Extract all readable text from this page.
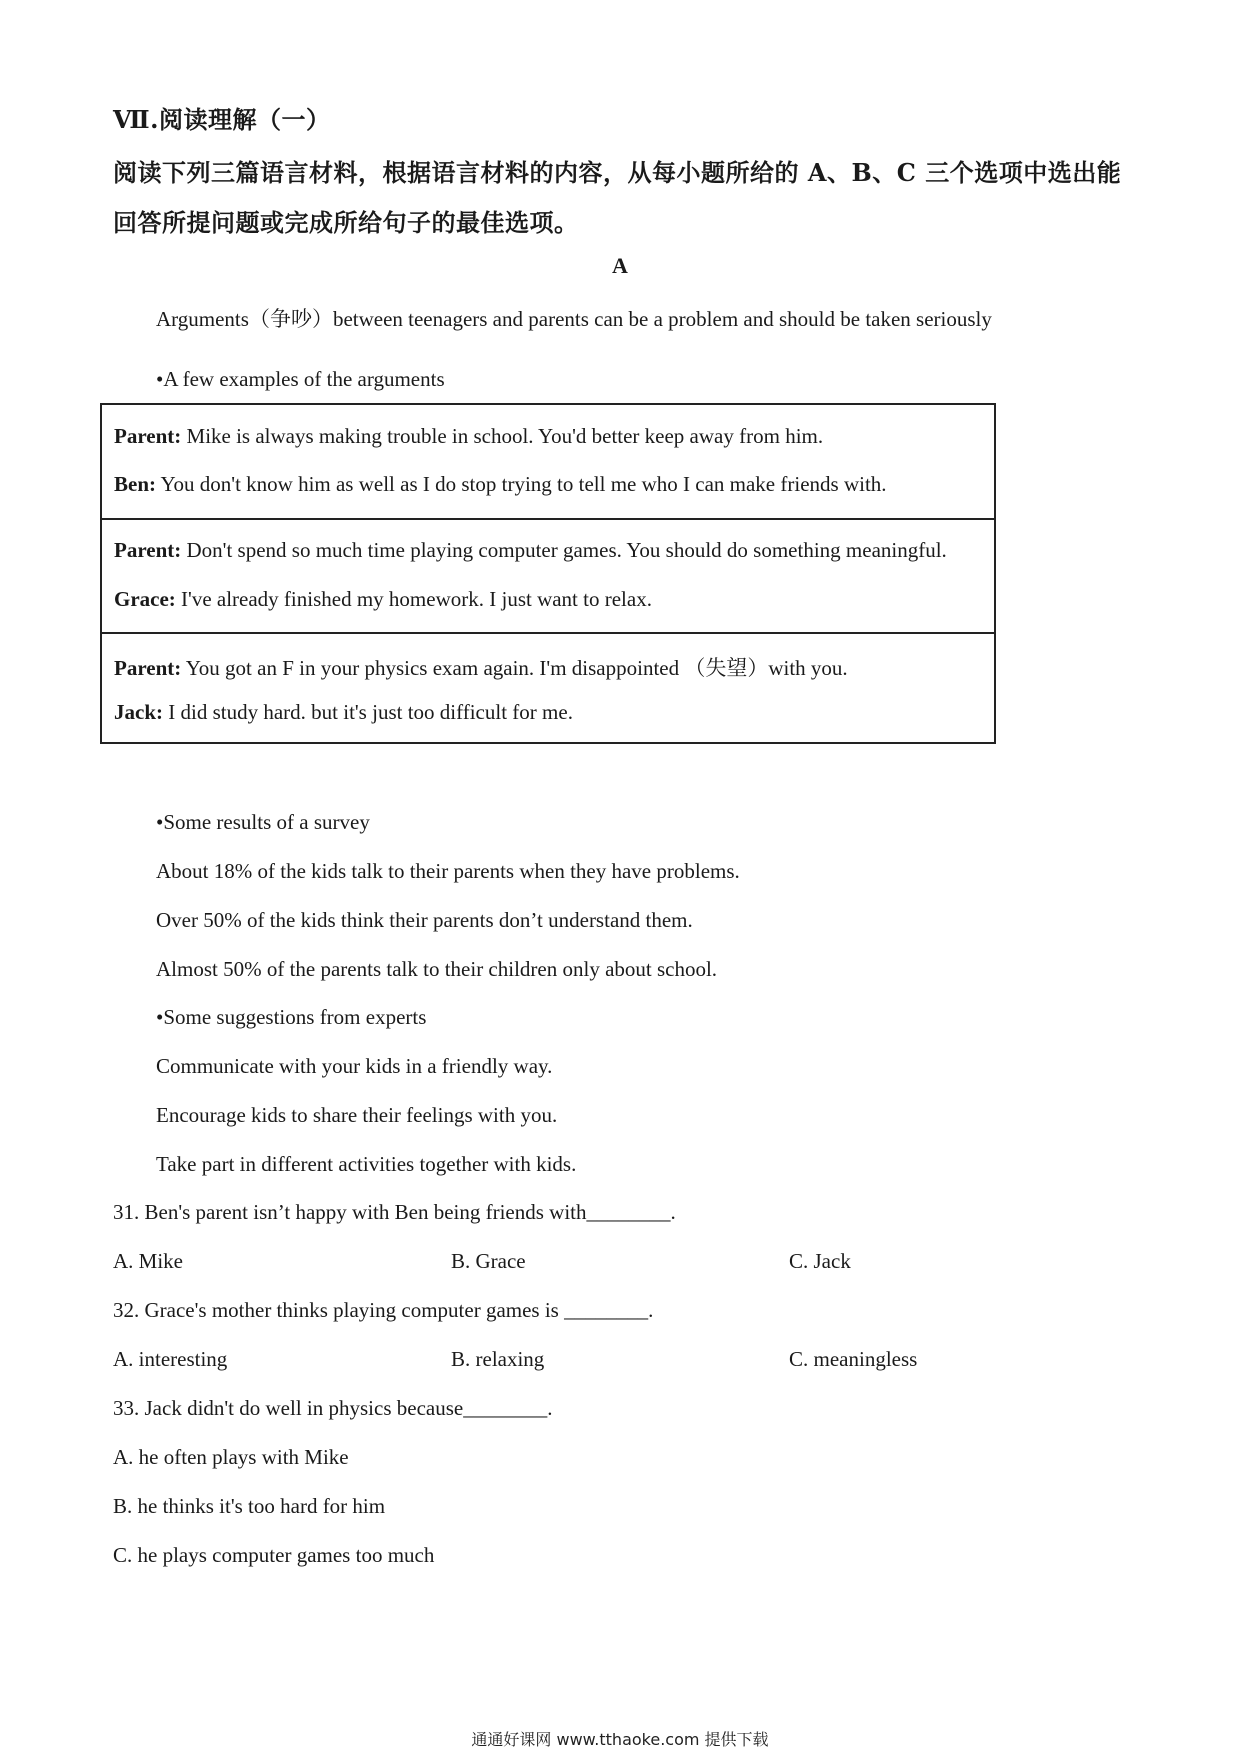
Ⅶ.阅读理解（一）
阅读下列三篇语言材料，根据语言材料的内容，从每小题所给的 A、B、C 三个选项中选出能回答所提问题或完成所给句子的最佳选项。
A
Arguments（争吵）between teenagers and parents can be a problem and should be taken seriously
•A few examples of the arguments
Parent: Mike is always making trouble in school. You'd better keep away from him.
Ben: You don't know him as well as I do stop trying to tell me who I can make friends with.
Parent: Don't spend so much time playing computer games. You should do something meaningful.
Grace: I've already finished my homework. I just want to relax.
Parent: You got an F in your physics exam again. I'm disappointed （失望）with you.
Jack: I did study hard. but it's just too difficult for me.
•Some results of a survey
About 18% of the kids talk to their parents when they have problems.
Over 50% of the kids think their parents don’t understand them.
Almost 50% of the parents talk to their children only about school.
•Some suggestions from experts
Communicate with your kids in a friendly way.
Encourage kids to share their feelings with you.
Take part in different activities together with kids.
31. Ben's parent isn’t happy with Ben being friends with________.
A. Mike	B. Grace	C. Jack
32. Grace's mother thinks playing computer games is ________.
A. interesting	B. relaxing	C. meaningless
33. Jack didn't do well in physics because________.
A. he often plays with Mike
B. he thinks it's too hard for him
C. he plays computer games too much
通通好课网 www.tthaoke.com 提供下载
